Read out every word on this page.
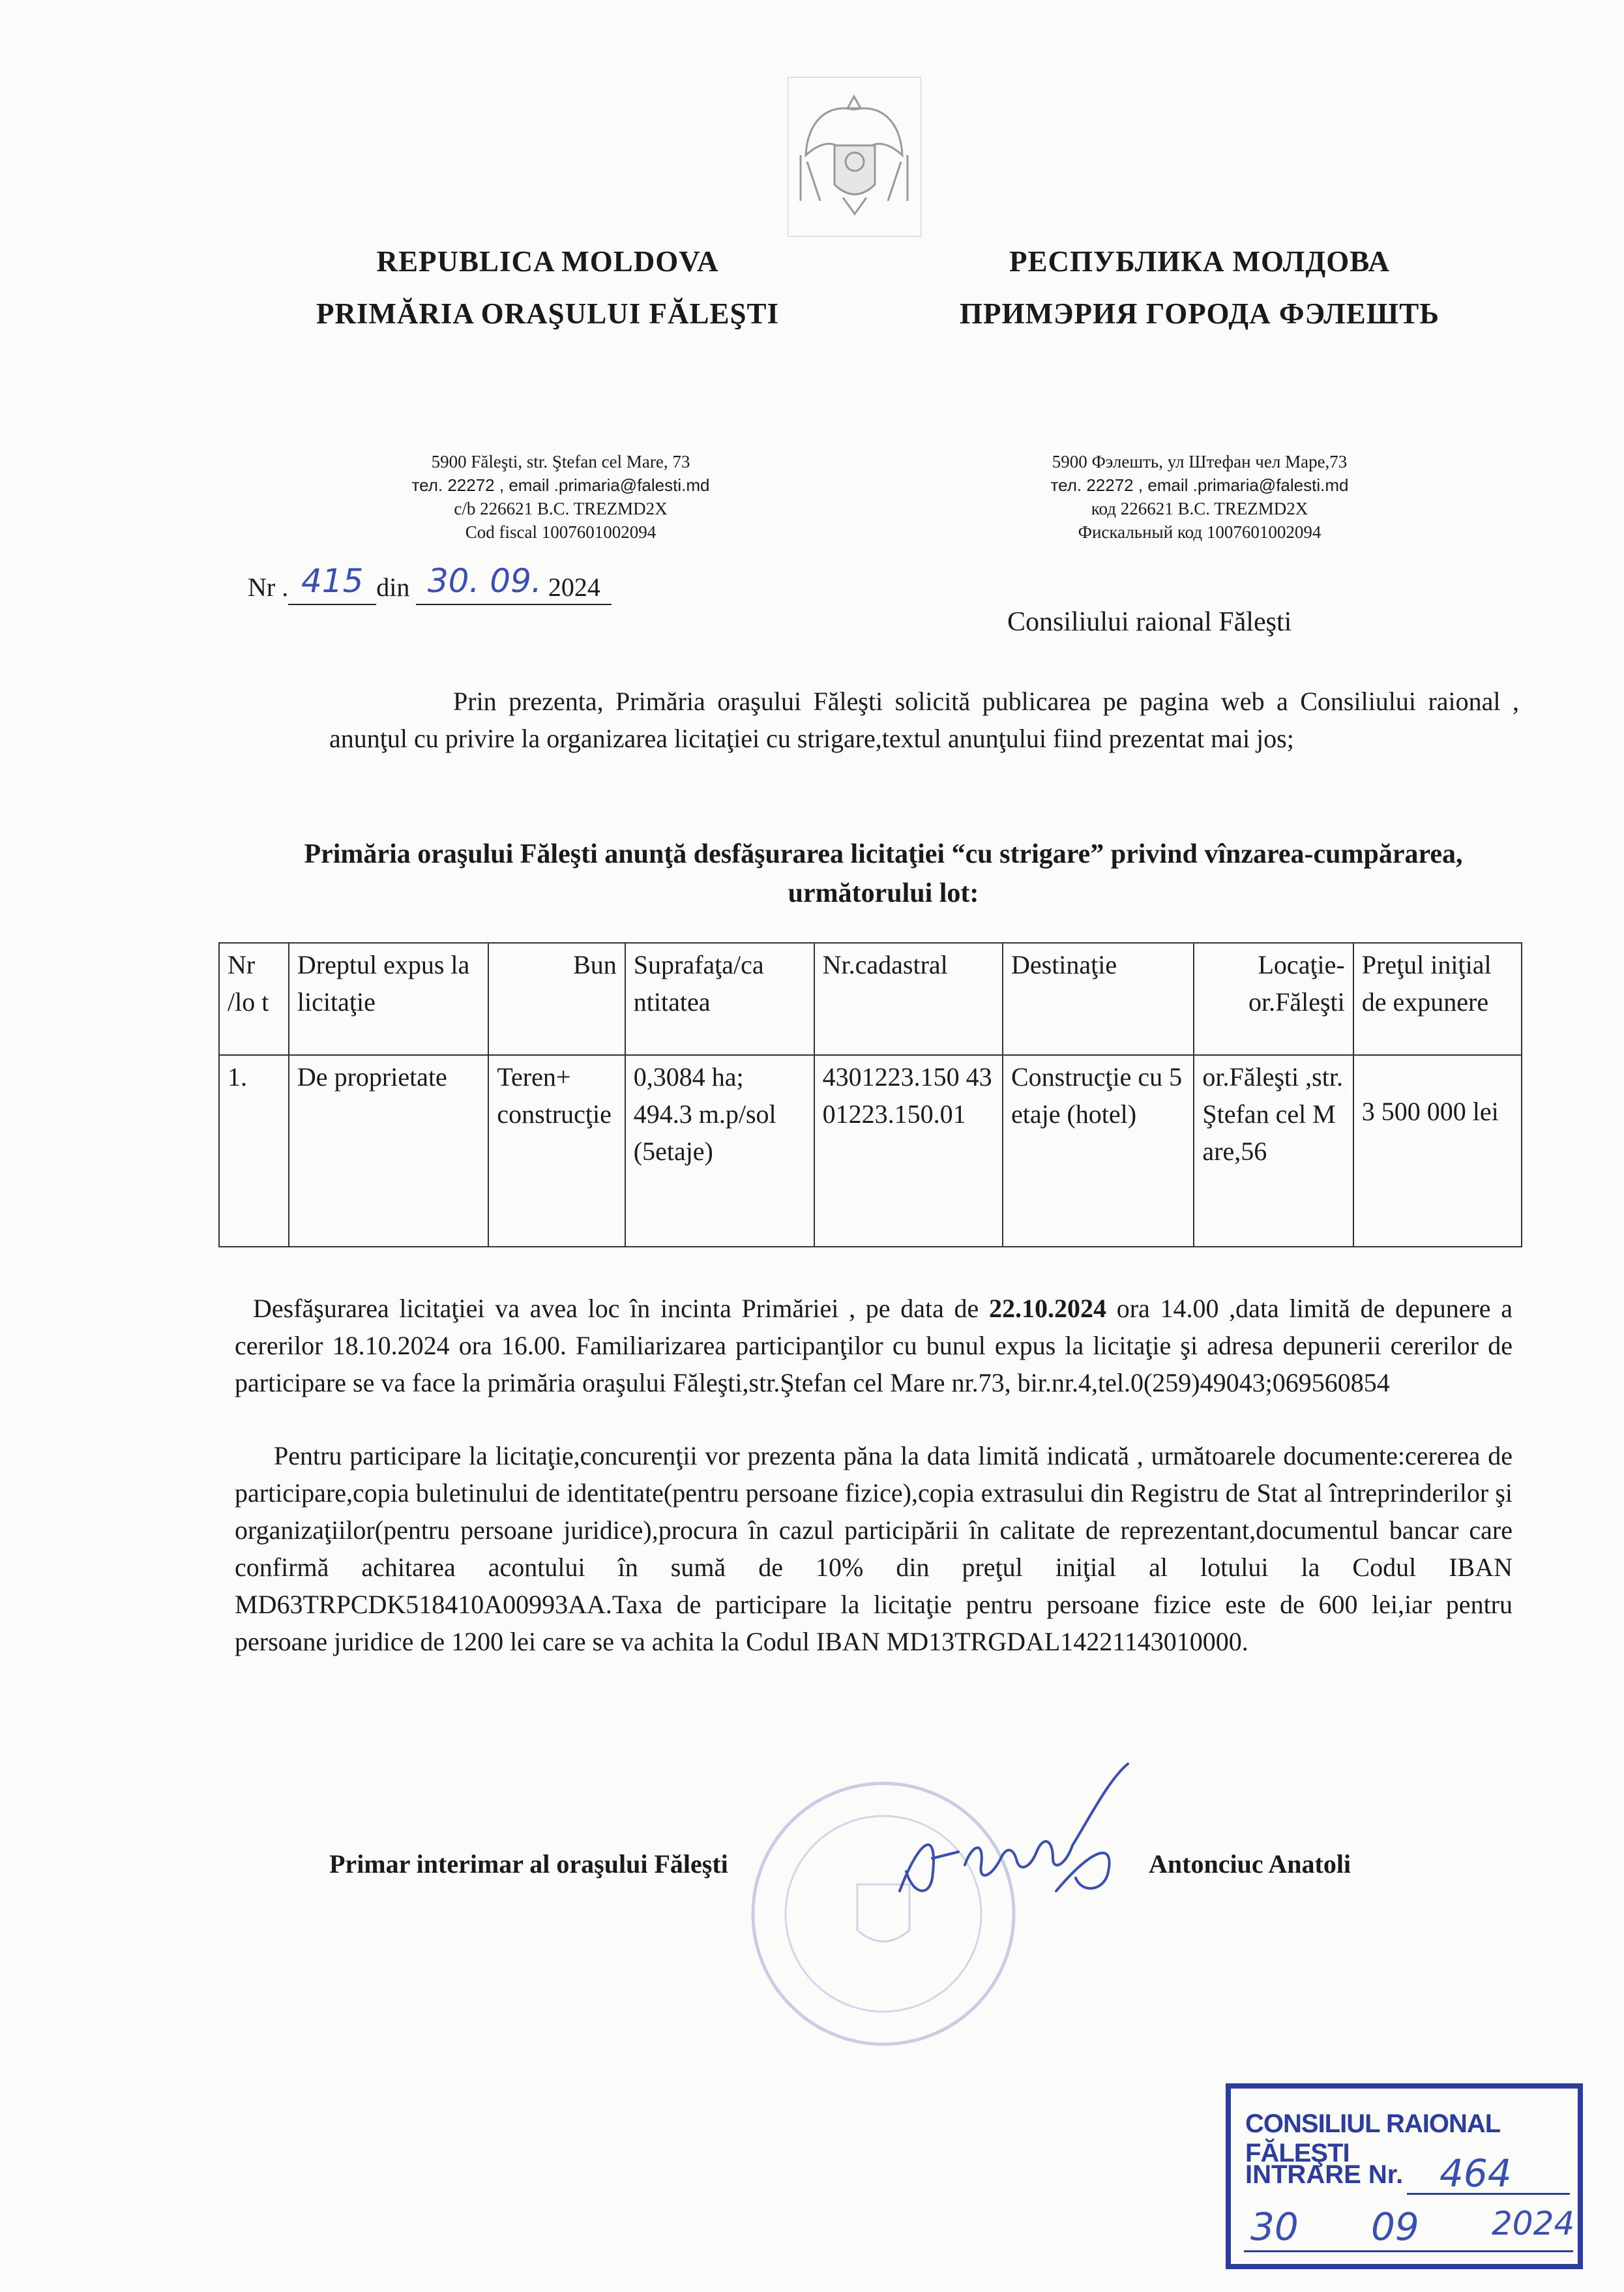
REPUBLICA MOLDOVA
PRIMĂRIA ORAŞULUI FĂLEŞTI
РЕСПУБЛИКА МОЛДОВА
ПРИМЭРИЯ ГОРОДА ФЭЛЕШТЬ
5900 Făleşti, str. Ştefan cel Mare, 73
тел. 22272 , email .primaria@falesti.md
c/b 226621 B.C. TREZMD2X
Cod fiscal 1007601002094
5900 Фэлешть, ул Штефан чел Маре,73
тел. 22272 , email .primaria@falesti.md
код 226621 B.C. TREZMD2X
Фискальный код 1007601002094
Nr . 415 din 30. 09. 2024
Consiliului raional Făleşti

Prin prezenta, Primăria oraşului Făleşti solicită publicarea pe pagina web a Consiliului raional , anunţul cu privire la organizarea licitaţiei cu strigare,textul anunţului fiind prezentat mai jos;

Primăria oraşului Făleşti anunţă desfăşurarea licitaţiei “cu strigare” privind vînzarea-cumpărarea, următorului lot:
Nr /lo t	Dreptul expus la licitaţie	Bun	Suprafaţa/ca ntitatea	Nr.cadastral	Destinaţie	Locaţie-or.Făleşti	Preţul iniţial de expunere
1.	De proprietate	Teren+ construcţie	0,3084 ha; 494.3 m.p/sol (5etaje)	4301223.150 4301223.150.01	Construcţie cu 5 etaje (hotel)	or.Făleşti ,str.Ştefan cel Mare,56	3 500 000 lei

Desfăşurarea licitaţiei va avea loc în incinta Primăriei , pe data de 22.10.2024 ora 14.00 ,data limită de depunere a cererilor 18.10.2024 ora 16.00. Familiarizarea participanţilor cu bunul expus la licitaţie şi adresa depunerii cererilor de participare se va face la primăria oraşului Făleşti,str.Ştefan cel Mare nr.73, bir.nr.4,tel.0(259)49043;069560854

Pentru participare la licitaţie,concurenţii vor prezenta păna la data limită indicată , următoarele documente:cererea de participare,copia buletinului de identitate(pentru persoane fizice),copia extrasului din Registru de Stat al întreprinderilor şi organizaţiilor(pentru persoane juridice),procura în cazul participării în calitate de reprezentant,documentul bancar care confirmă achitarea acontului în sumă de 10% din preţul iniţial al lotului la Codul IBAN MD63TRPCDK518410A00993AA.Taxa de participare la licitaţie pentru persoane fizice este de 600 lei,iar pentru persoane juridice de 1200 lei care se va achita la Codul IBAN MD13TRGDAL14221143010000.

Primar interimar al oraşului Făleşti	Antonciuc Anatoli
CONSILIUL RAIONAL FĂLEŞTI
INTRARE Nr. 464
30 09 2024
